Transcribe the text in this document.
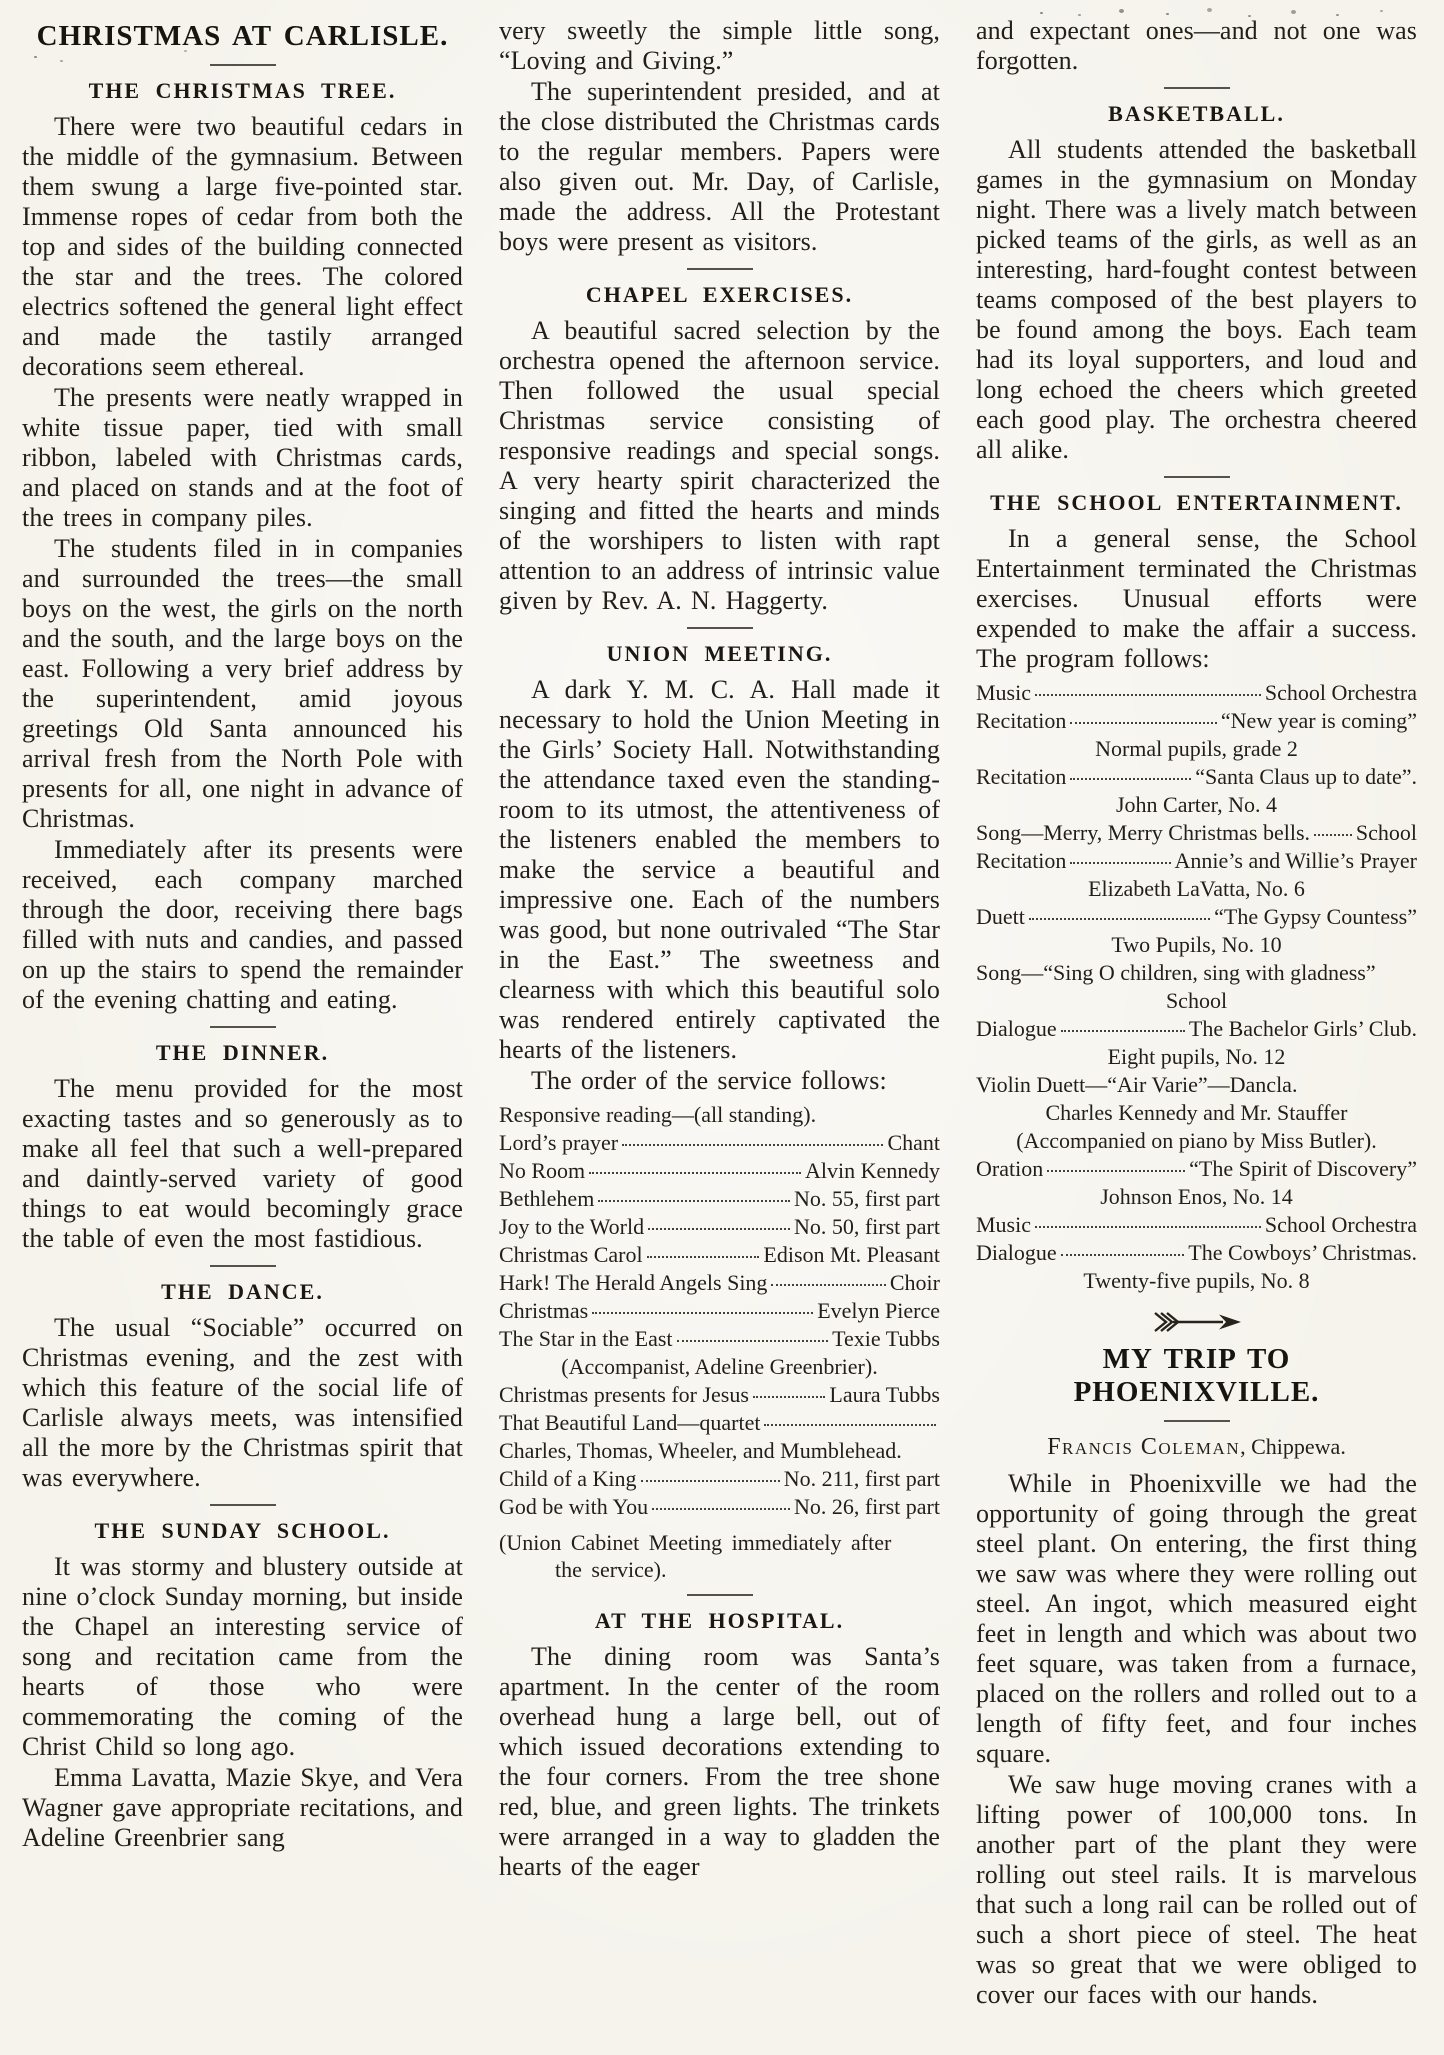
CHRISTMAS AT CARLISLE.
THE CHRISTMAS TREE.

There were two beautiful cedars in the middle of the gymnasium. Between them swung a large five-pointed star. Immense ropes of cedar from both the top and sides of the building connected the star and the trees. The colored electrics softened the general light effect and made the tastily arranged decorations seem ethereal.

The presents were neatly wrapped in white tissue paper, tied with small ribbon, labeled with Christmas cards, and placed on stands and at the foot of the trees in company piles.

The students filed in in companies and surrounded the trees—the small boys on the west, the girls on the north and the south, and the large boys on the east. Following a very brief address by the superintendent, amid joyous greetings Old Santa announced his arrival fresh from the North Pole with presents for all, one night in advance of Christmas.

Immediately after its presents were received, each company marched through the door, receiving there bags filled with nuts and candies, and passed on up the stairs to spend the remainder of the evening chatting and eating.

THE DINNER.

The menu provided for the most exacting tastes and so generously as to make all feel that such a well-prepared and daintly-served variety of good things to eat would becomingly grace the table of even the most fastidious.

THE DANCE.

The usual “Sociable” occurred on Christmas evening, and the zest with which this feature of the social life of Carlisle always meets, was intensified all the more by the Christmas spirit that was everywhere.

THE SUNDAY SCHOOL.

It was stormy and blustery outside at nine o’clock Sunday morning, but inside the Chapel an interesting service of song and recitation came from the hearts of those who were commemorating the coming of the Christ Child so long ago.

Emma Lavatta, Mazie Skye, and Vera Wagner gave appropriate recitations, and Adeline Greenbrier sang

very sweetly the simple little song, “Loving and Giving.”

The superintendent presided, and at the close distributed the Christmas cards to the regular members. Papers were also given out. Mr. Day, of Carlisle, made the address. All the Protestant boys were present as visitors.

CHAPEL EXERCISES.

A beautiful sacred selection by the orchestra opened the afternoon service. Then followed the usual special Christmas service consisting of responsive readings and special songs. A very hearty spirit characterized the singing and fitted the hearts and minds of the worshipers to listen with rapt attention to an address of intrinsic value given by Rev. A. N. Haggerty.

UNION MEETING.

A dark Y. M. C. A. Hall made it necessary to hold the Union Meeting in the Girls’ Society Hall. Notwithstanding the attendance taxed even the standing-room to its utmost, the attentiveness of the listeners enabled the members to make the service a beautiful and impressive one. Each of the numbers was good, but none outrivaled “The Star in the East.” The sweetness and clearness with which this beautiful solo was rendered entirely captivated the hearts of the listeners.

The order of the service follows:

Responsive reading—(all standing).
Lord’s prayer	Chant
No Room	Alvin Kennedy
Bethlehem	No. 55, first part
Joy to the World	No. 50, first part
Christmas Carol	Edison Mt. Pleasant
Hark! The Herald Angels Sing	Choir
Christmas	Evelyn Pierce
The Star in the East	Texie Tubbs
(Accompanist, Adeline Greenbrier).
Christmas presents for Jesus	Laura Tubbs
That Beautiful Land—quartet
Charles, Thomas, Wheeler, and Mumblehead.
Child of a King	No. 211, first part
God be with You	No. 26, first part
(Union Cabinet Meeting immediately after
the service).
AT THE HOSPITAL.

The dining room was Santa’s apartment. In the center of the room overhead hung a large bell, out of which issued decorations extending to the four corners. From the tree shone red, blue, and green lights. The trinkets were arranged in a way to gladden the hearts of the eager

and expectant ones—and not one was forgotten.

BASKETBALL.

All students attended the basketball games in the gymnasium on Monday night. There was a lively match between picked teams of the girls, as well as an interesting, hard-fought contest between teams composed of the best players to be found among the boys. Each team had its loyal supporters, and loud and long echoed the cheers which greeted each good play. The orchestra cheered all alike.

THE SCHOOL ENTERTAINMENT.

In a general sense, the School Entertainment terminated the Christmas exercises. Unusual efforts were expended to make the affair a success. The program follows:

Music	School Orchestra
Recitation	“New year is coming”
Normal pupils, grade 2
Recitation	“Santa Claus up to date”.
John Carter, No. 4
Song—Merry, Merry Christmas bells. School
Recitation	Annie’s and Willie’s Prayer
Elizabeth LaVatta, No. 6
Duett	“The Gypsy Countess”
Two Pupils, No. 10
Song—“Sing O children, sing with gladness”
School
Dialogue	The Bachelor Girls’ Club.
Eight pupils, No. 12
Violin Duett—“Air Varie”—Dancla.
Charles Kennedy and Mr. Stauffer
(Accompanied on piano by Miss Butler).
Oration	“The Spirit of Discovery”
Johnson Enos, No. 14
Music	School Orchestra
Dialogue	The Cowboys’ Christmas.
Twenty-five pupils, No. 8
MY TRIP TO PHOENIXVILLE.
Francis Coleman, Chippewa.

While in Phoenixville we had the opportunity of going through the great steel plant. On entering, the first thing we saw was where they were rolling out steel. An ingot, which measured eight feet in length and which was about two feet square, was taken from a furnace, placed on the rollers and rolled out to a length of fifty feet, and four inches square.

We saw huge moving cranes with a lifting power of 100,000 tons. In another part of the plant they were rolling out steel rails. It is marvelous that such a long rail can be rolled out of such a short piece of steel. The heat was so great that we were obliged to cover our faces with our hands.
